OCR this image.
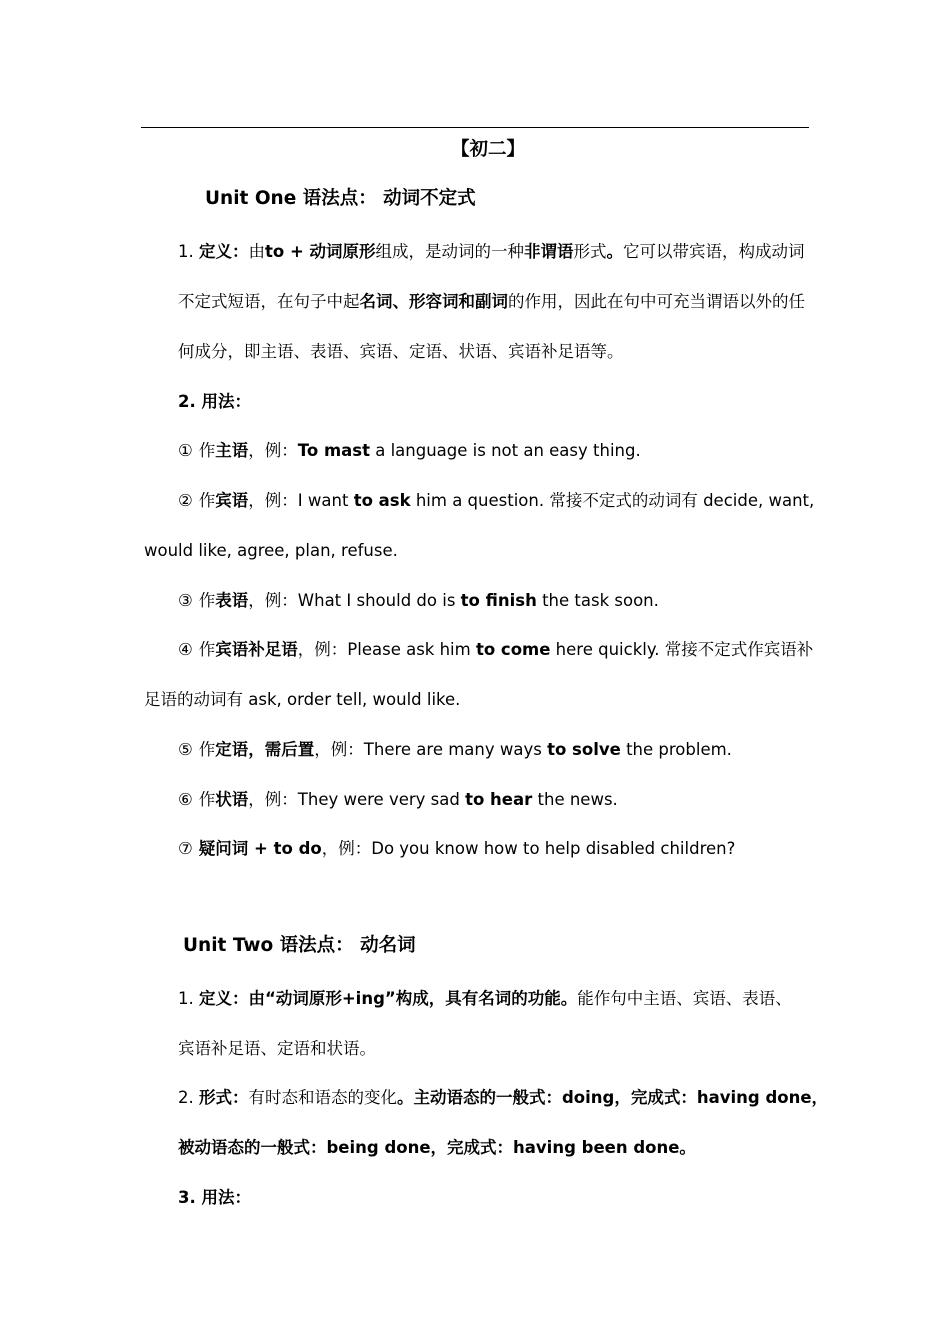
【初二】
Unit One 语法点： 动词不定式
1. 定义：由to + 动词原形组成，是动词的一种非谓语形式。它可以带宾语，构成动词
不定式短语，在句子中起名词、形容词和副词的作用，因此在句中可充当谓语以外的任
何成分，即主语、表语、宾语、定语、状语、宾语补足语等。
2. 用法：
① 作主语，例：To mast a language is not an easy thing.
② 作宾语，例：I want to ask him a question. 常接不定式的动词有 decide, want,
would like, agree, plan, refuse.
③ 作表语，例：What I should do is to finish the task soon.
④ 作宾语补足语，例：Please ask him to come here quickly. 常接不定式作宾语补
足语的动词有 ask, order tell, would like.
⑤ 作定语，需后置，例：There are many ways to solve the problem.
⑥ 作状语，例：They were very sad to hear the news.
⑦ 疑问词 + to do，例：Do you know how to help disabled children?
Unit Two 语法点： 动名词
1. 定义：由“动词原形+ing”构成，具有名词的功能。能作句中主语、宾语、表语、
宾语补足语、定语和状语。
2. 形式：有时态和语态的变化。主动语态的一般式：doing，完成式：having done，
被动语态的一般式：being done，完成式：having been done。
3. 用法：
